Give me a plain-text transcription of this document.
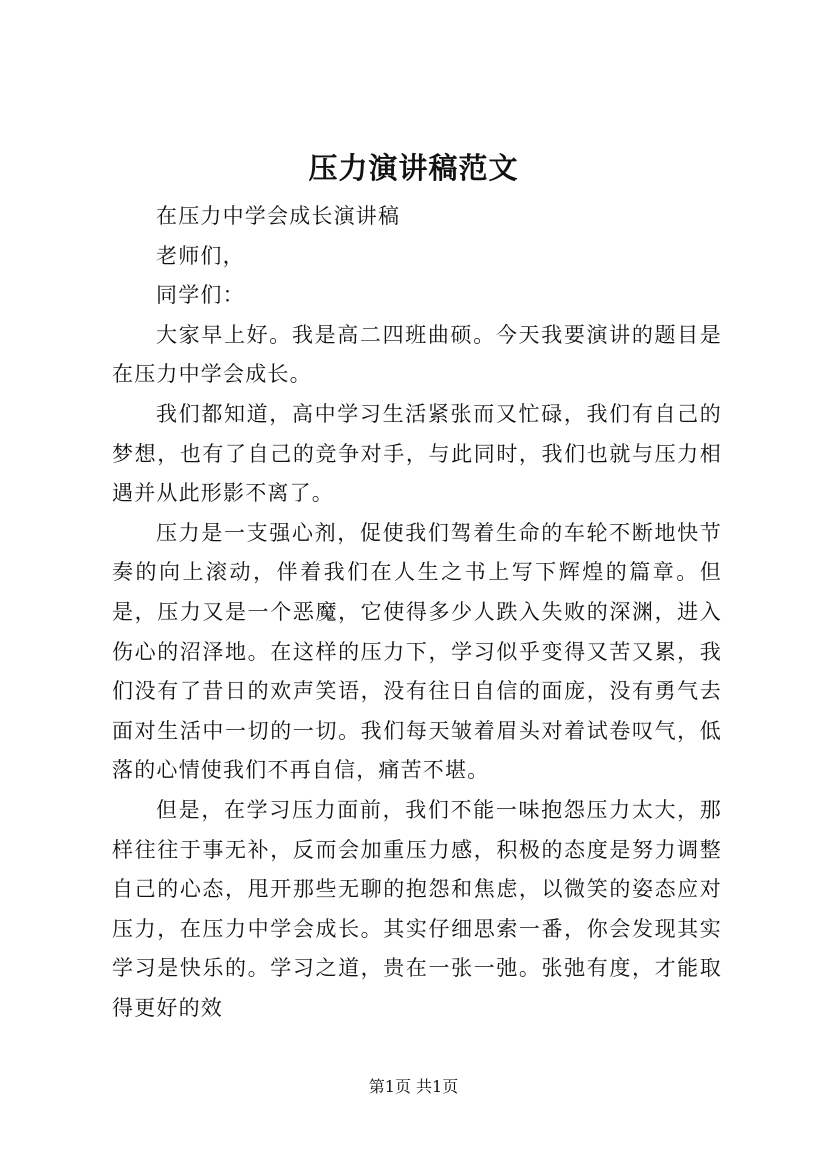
压力演讲稿范文

在压力中学会成长演讲稿

老师们，

同学们：

大家早上好。我是高二四班曲硕。今天我要演讲的题目是在压力中学会成长。

我们都知道，高中学习生活紧张而又忙碌，我们有自己的梦想，也有了自己的竞争对手，与此同时，我们也就与压力相遇并从此形影不离了。

压力是一支强心剂，促使我们驾着生命的车轮不断地快节奏的向上滚动，伴着我们在人生之书上写下辉煌的篇章。但是，压力又是一个恶魔，它使得多少人跌入失败的深渊，进入伤心的沼泽地。在这样的压力下，学习似乎变得又苦又累，我们没有了昔日的欢声笑语，没有往日自信的面庞，没有勇气去面对生活中一切的一切。我们每天皱着眉头对着试卷叹气，低落的心情使我们不再自信，痛苦不堪。

但是，在学习压力面前，我们不能一味抱怨压力太大，那样往往于事无补，反而会加重压力感，积极的态度是努力调整自己的心态，甩开那些无聊的抱怨和焦虑，以微笑的姿态应对压力，在压力中学会成长。其实仔细思索一番，你会发现其实学习是快乐的。学习之道，贵在一张一弛。张弛有度，才能取得更好的效

第1页 共1页
